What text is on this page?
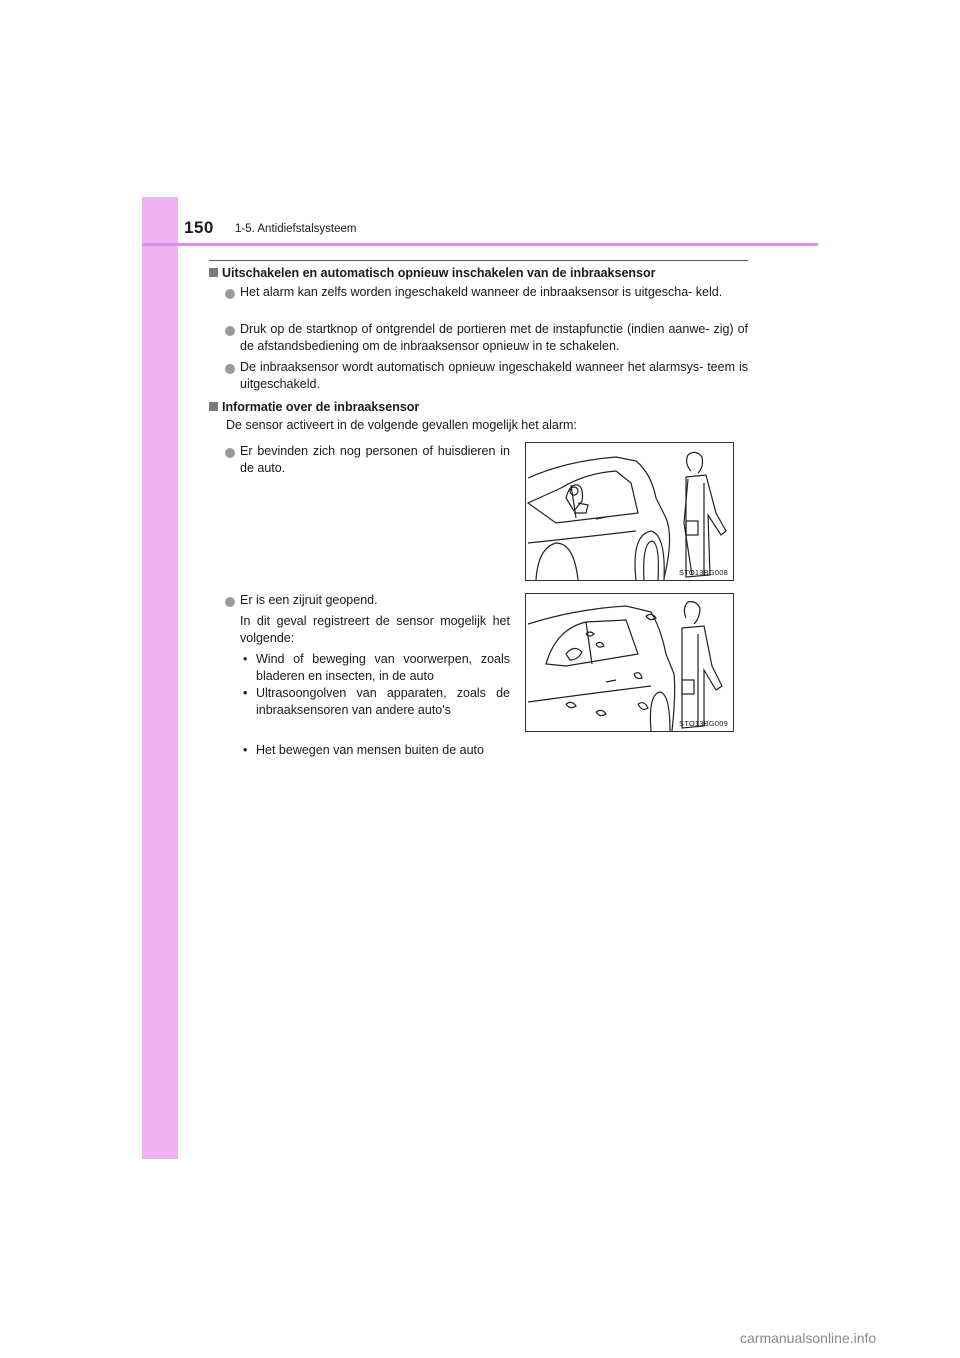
150 1-5. Antidiefstalsysteem
Uitschakelen en automatisch opnieuw inschakelen van de inbraaksensor
Het alarm kan zelfs worden ingeschakeld wanneer de inbraaksensor is uitgescha- keld.
Druk op de startknop of ontgrendel de portieren met de instapfunctie (indien aanwe- zig) of de afstandsbediening om de inbraaksensor opnieuw in te schakelen.
De inbraaksensor wordt automatisch opnieuw ingeschakeld wanneer het alarmsys- teem is uitgeschakeld.
Informatie over de inbraaksensor
De sensor activeert in de volgende gevallen mogelijk het alarm:
Er bevinden zich nog personen of huisdieren in de auto.
Er is een zijruit geopend.
In dit geval registreert de sensor mogelijk het volgende:
• Wind of beweging van voorwerpen, zoals bladeren en insecten, in de auto
• Ultrasoongolven van apparaten, zoals de inbraaksensoren van andere auto's
• Het bewegen van mensen buiten de auto
STO13BG008
STO13BG009
carmanualsonline.info
